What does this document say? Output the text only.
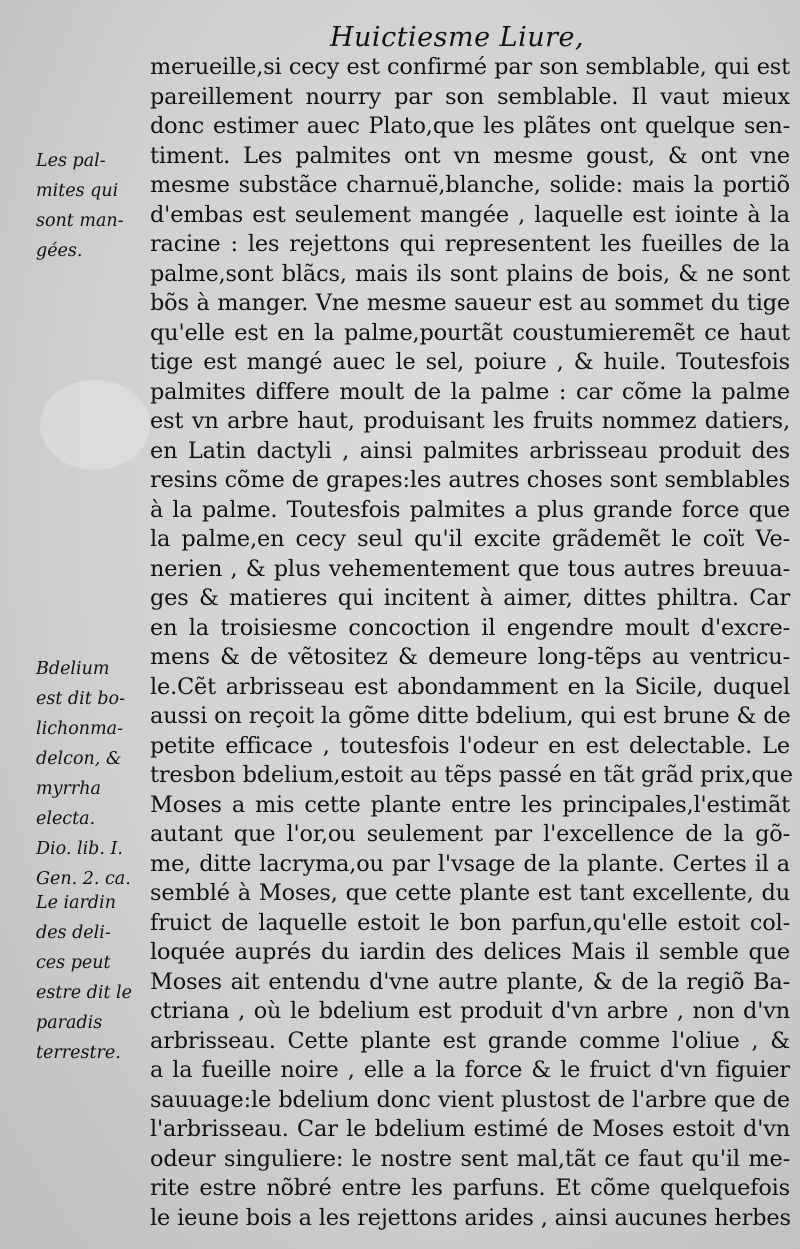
Huictiesme Liure,
Les pal-
mites qui
sont man-
gées.
Bdelium
est dit bo-
lichonma-
delcon, &
myrrha
electa.
Dio. lib. I.
Gen. 2. ca.
Le iardin
des deli-
ces peut
estre dit le
paradis
terrestre.
merueille,si cecy est confirmé par son semblable, qui est
pareillement nourry par son semblable. Il vaut mieux
donc estimer auec Plato,que les plãtes ont quelque sen-
timent. Les palmites ont vn mesme goust, & ont vne
mesme substãce charnuë,blanche, solide: mais la portiõ
d'embas est seulement mangée , laquelle est iointe à la
racine : les rejettons qui representent les fueilles de la
palme,sont blãcs, mais ils sont plains de bois, & ne sont
bõs à manger. Vne mesme saueur est au sommet du tige
qu'elle est en la palme,pourtãt coustumieremẽt ce haut
tige est mangé auec le sel, poiure , & huile. Toutesfois
palmites differe moult de la palme : car cõme la palme
est vn arbre haut, produisant les fruits nommez datiers,
en Latin dactyli , ainsi palmites arbrisseau produit des
resins cõme de grapes:les autres choses sont semblables
à la palme. Toutesfois palmites a plus grande force que
la palme,en cecy seul qu'il excite grãdemẽt le coït Ve-
nerien , & plus vehementement que tous autres breuua-
ges & matieres qui incitent à aimer, dittes philtra. Car
en la troisiesme concoction il engendre moult d'excre-
mens & de vẽtositez & demeure long-tẽps au ventricu-
le.Cẽt arbrisseau est abondamment en la Sicile, duquel
aussi on reçoit la gõme ditte bdelium, qui est brune & de
petite efficace , toutesfois l'odeur en est delectable. Le
tresbon bdelium,estoit au tẽps passé en tãt grãd prix,que
Moses a mis cette plante entre les principales,l'estimãt
autant que l'or,ou seulement par l'excellence de la gõ-
me, ditte lacryma,ou par l'vsage de la plante. Certes il a
semblé à Moses, que cette plante est tant excellente, du
fruict de laquelle estoit le bon parfun,qu'elle estoit col-
loquée auprés du iardin des delices Mais il semble que
Moses ait entendu d'vne autre plante, & de la regiõ Ba-
ctriana , où le bdelium est produit d'vn arbre , non d'vn
arbrisseau. Cette plante est grande comme l'oliue , &
a la fueille noire , elle a la force & le fruict d'vn figuier
sauuage:le bdelium donc vient plustost de l'arbre que de
l'arbrisseau. Car le bdelium estimé de Moses estoit d'vn
odeur singuliere: le nostre sent mal,tãt ce faut qu'il me-
rite estre nõbré entre les parfuns. Et cõme quelquefois
le ieune bois a les rejettons arides , ainsi aucunes herbes
